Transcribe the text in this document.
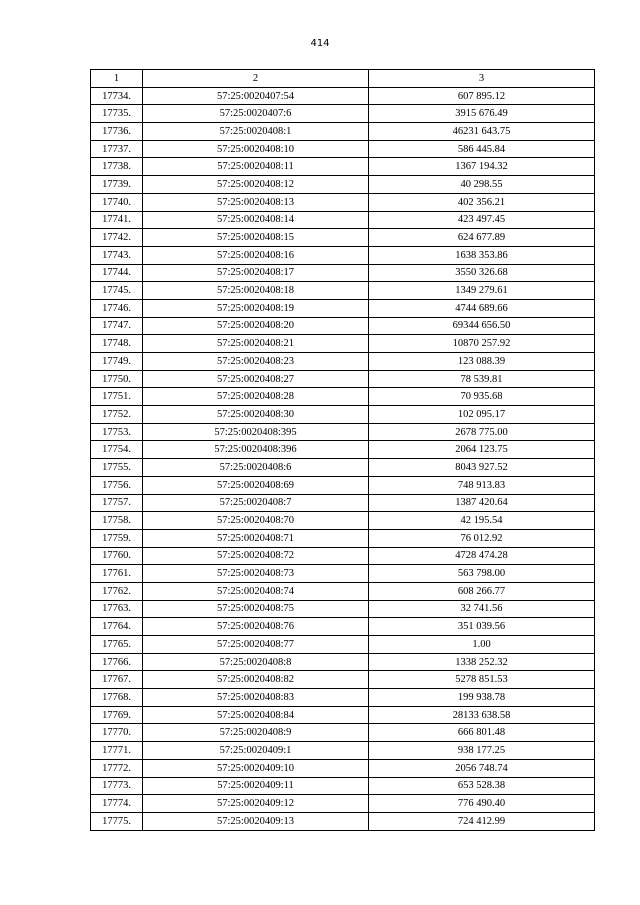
414
1	2	3
17734.	57:25:0020407:54	607 895.12
17735.	57:25:0020407:6	3915 676.49
17736.	57:25:0020408:1	46231 643.75
17737.	57:25:0020408:10	586 445.84
17738.	57:25:0020408:11	1367 194.32
17739.	57:25:0020408:12	40 298.55
17740.	57:25:0020408:13	402 356.21
17741.	57:25:0020408:14	423 497.45
17742.	57:25:0020408:15	624 677.89
17743.	57:25:0020408:16	1638 353.86
17744.	57:25:0020408:17	3550 326.68
17745.	57:25:0020408:18	1349 279.61
17746.	57:25:0020408:19	4744 689.66
17747.	57:25:0020408:20	69344 656.50
17748.	57:25:0020408:21	10870 257.92
17749.	57:25:0020408:23	123 088.39
17750.	57:25:0020408:27	78 539.81
17751.	57:25:0020408:28	70 935.68
17752.	57:25:0020408:30	102 095.17
17753.	57:25:0020408:395	2678 775.00
17754.	57:25:0020408:396	2064 123.75
17755.	57:25:0020408:6	8043 927.52
17756.	57:25:0020408:69	748 913.83
17757.	57:25:0020408:7	1387 420.64
17758.	57:25:0020408:70	42 195.54
17759.	57:25:0020408:71	76 012.92
17760.	57:25:0020408:72	4728 474.28
17761.	57:25:0020408:73	563 798.00
17762.	57:25:0020408:74	608 266.77
17763.	57:25:0020408:75	32 741.56
17764.	57:25:0020408:76	351 039.56
17765.	57:25:0020408:77	1.00
17766.	57:25:0020408:8	1338 252.32
17767.	57:25:0020408:82	5278 851.53
17768.	57:25:0020408:83	199 938.78
17769.	57:25:0020408:84	28133 638.58
17770.	57:25:0020408:9	666 801.48
17771.	57:25:0020409:1	938 177.25
17772.	57:25:0020409:10	2056 748.74
17773.	57:25:0020409:11	653 528.38
17774.	57:25:0020409:12	776 490.40
17775.	57:25:0020409:13	724 412.99
